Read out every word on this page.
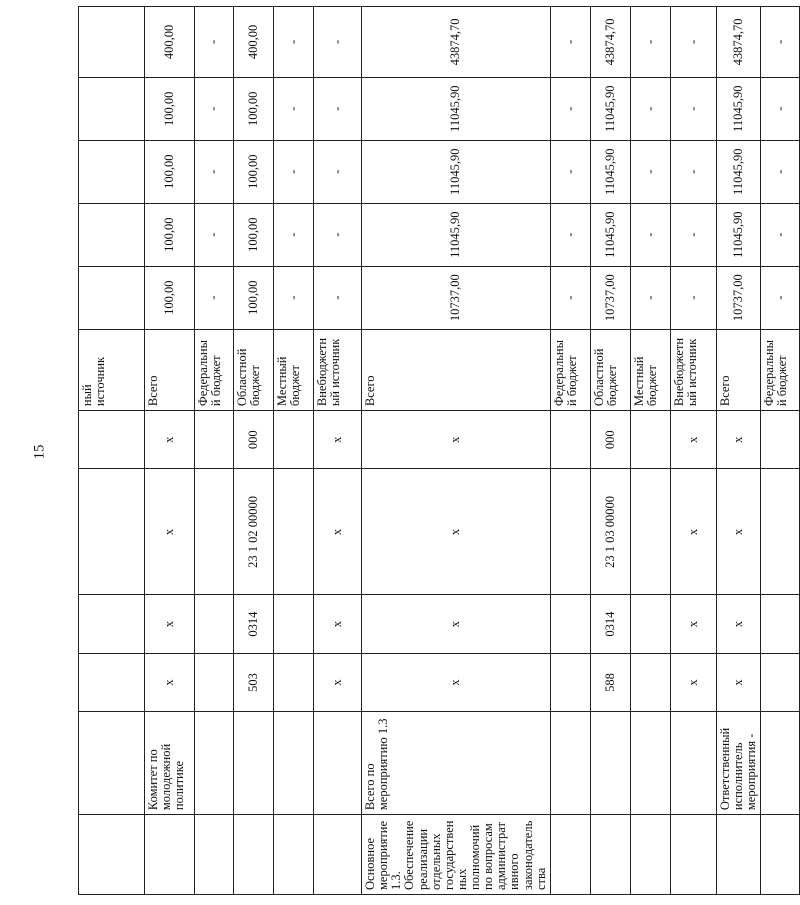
15
						ный источник					
	Комитет по молодежной политике	х	х	х	х	Всего	100,00	100,00	100,00	100,00	400,00
						Федеральный бюджет	-	-	-	-	-
		503	0314	23 1 02 00000	000	Областной бюджет	100,00	100,00	100,00	100,00	400,00
						Местный бюджет	-	-	-	-	-
		х	х	х	х	Внебюджетный источник	-	-	-	-	-
Основное мероприятие 1.3. Обеспечение реализации отдельных государственных полномочий по вопросам административного законодательства	Всего по мероприятию 1.3	х	х	х	х	Всего	10737,00	11045,90	11045,90	11045,90	43874,70
						Федеральный бюджет	-	-	-	-	-
		588	0314	23 1 03 00000	000	Областной бюджет	10737,00	11045,90	11045,90	11045,90	43874,70
						Местный бюджет	-	-	-	-	-
		х	х	х	х	Внебюджетный источник	-	-	-	-	-
	Ответственный исполнитель мероприятия -	х	х	х	х	Всего	10737,00	11045,90	11045,90	11045,90	43874,70
						Федеральный бюджет	-	-	-	-	-
